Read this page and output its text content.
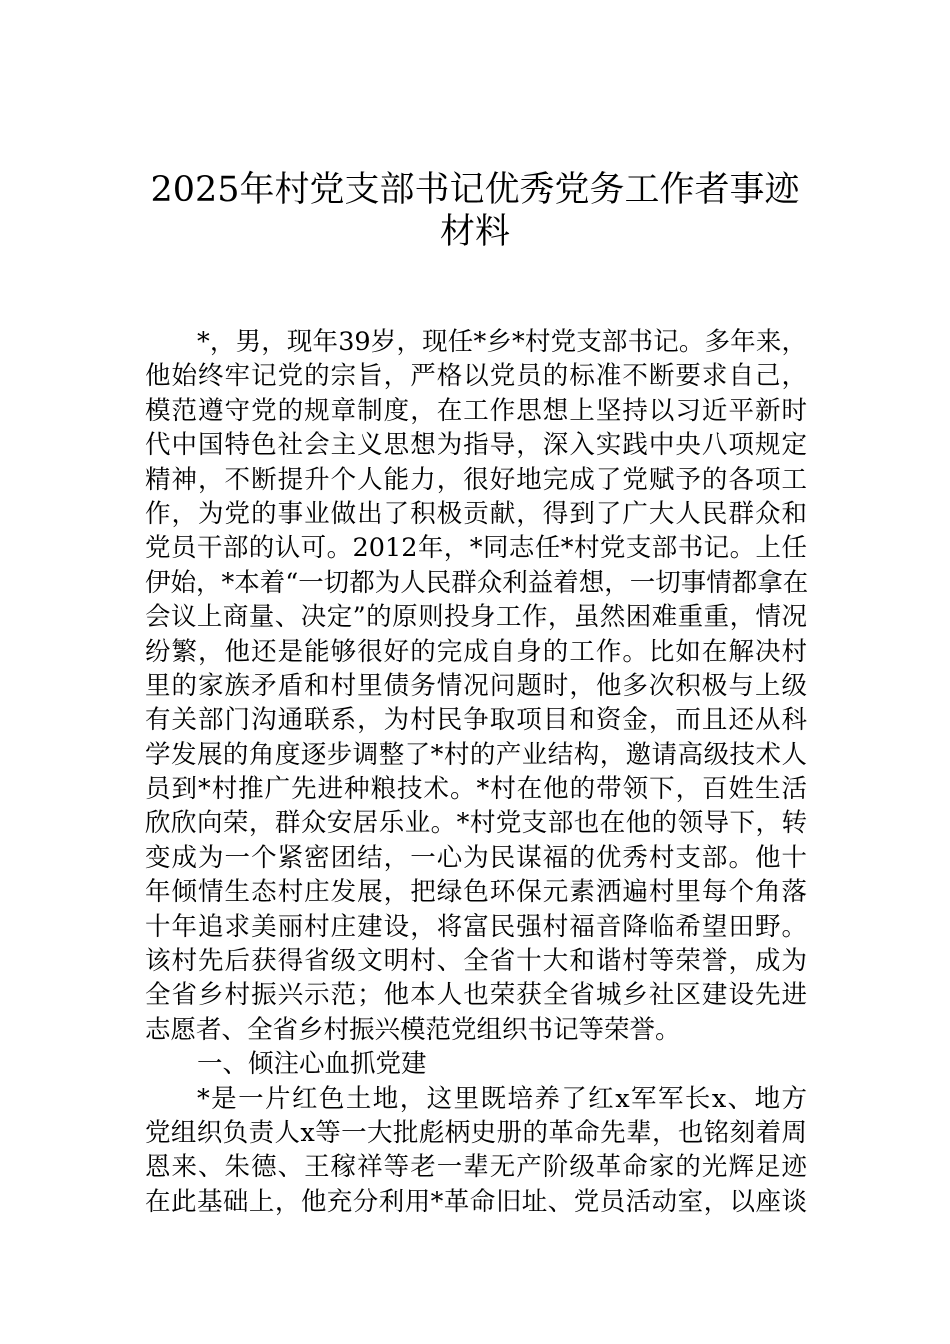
2025年村党支部书记优秀党务工作者事迹
材料
*，男，现年39岁，现任*乡*村党支部书记。多年来，
他始终牢记党的宗旨，严格以党员的标准不断要求自己，
模范遵守党的规章制度，在工作思想上坚持以习近平新时
代中国特色社会主义思想为指导，深入实践中央八项规定
精神，不断提升个人能力，很好地完成了党赋予的各项工
作，为党的事业做出了积极贡献，得到了广大人民群众和
党员干部的认可。2012年，*同志任*村党支部书记。上任
伊始，*本着“一切都为人民群众利益着想，一切事情都拿在
会议上商量、决定”的原则投身工作，虽然困难重重，情况
纷繁，他还是能够很好的完成自身的工作。比如在解决村
里的家族矛盾和村里债务情况问题时，他多次积极与上级
有关部门沟通联系，为村民争取项目和资金，而且还从科
学发展的角度逐步调整了*村的产业结构，邀请高级技术人
员到*村推广先进种粮技术。*村在他的带领下，百姓生活
欣欣向荣，群众安居乐业。*村党支部也在他的领导下，转
变成为一个紧密团结，一心为民谋福的优秀村支部。他十
年倾情生态村庄发展，把绿色环保元素洒遍村里每个角落
十年追求美丽村庄建设，将富民强村福音降临希望田野。
该村先后获得省级文明村、全省十大和谐村等荣誉，成为
全省乡村振兴示范；他本人也荣获全省城乡社区建设先进
志愿者、全省乡村振兴模范党组织书记等荣誉。
一、倾注心血抓党建
*是一片红色土地，这里既培养了红x军军长x、地方
党组织负责人x等一大批彪柄史册的革命先辈，也铭刻着周
恩来、朱德、王稼祥等老一辈无产阶级革命家的光辉足迹
在此基础上，他充分利用*革命旧址、党员活动室，以座谈
